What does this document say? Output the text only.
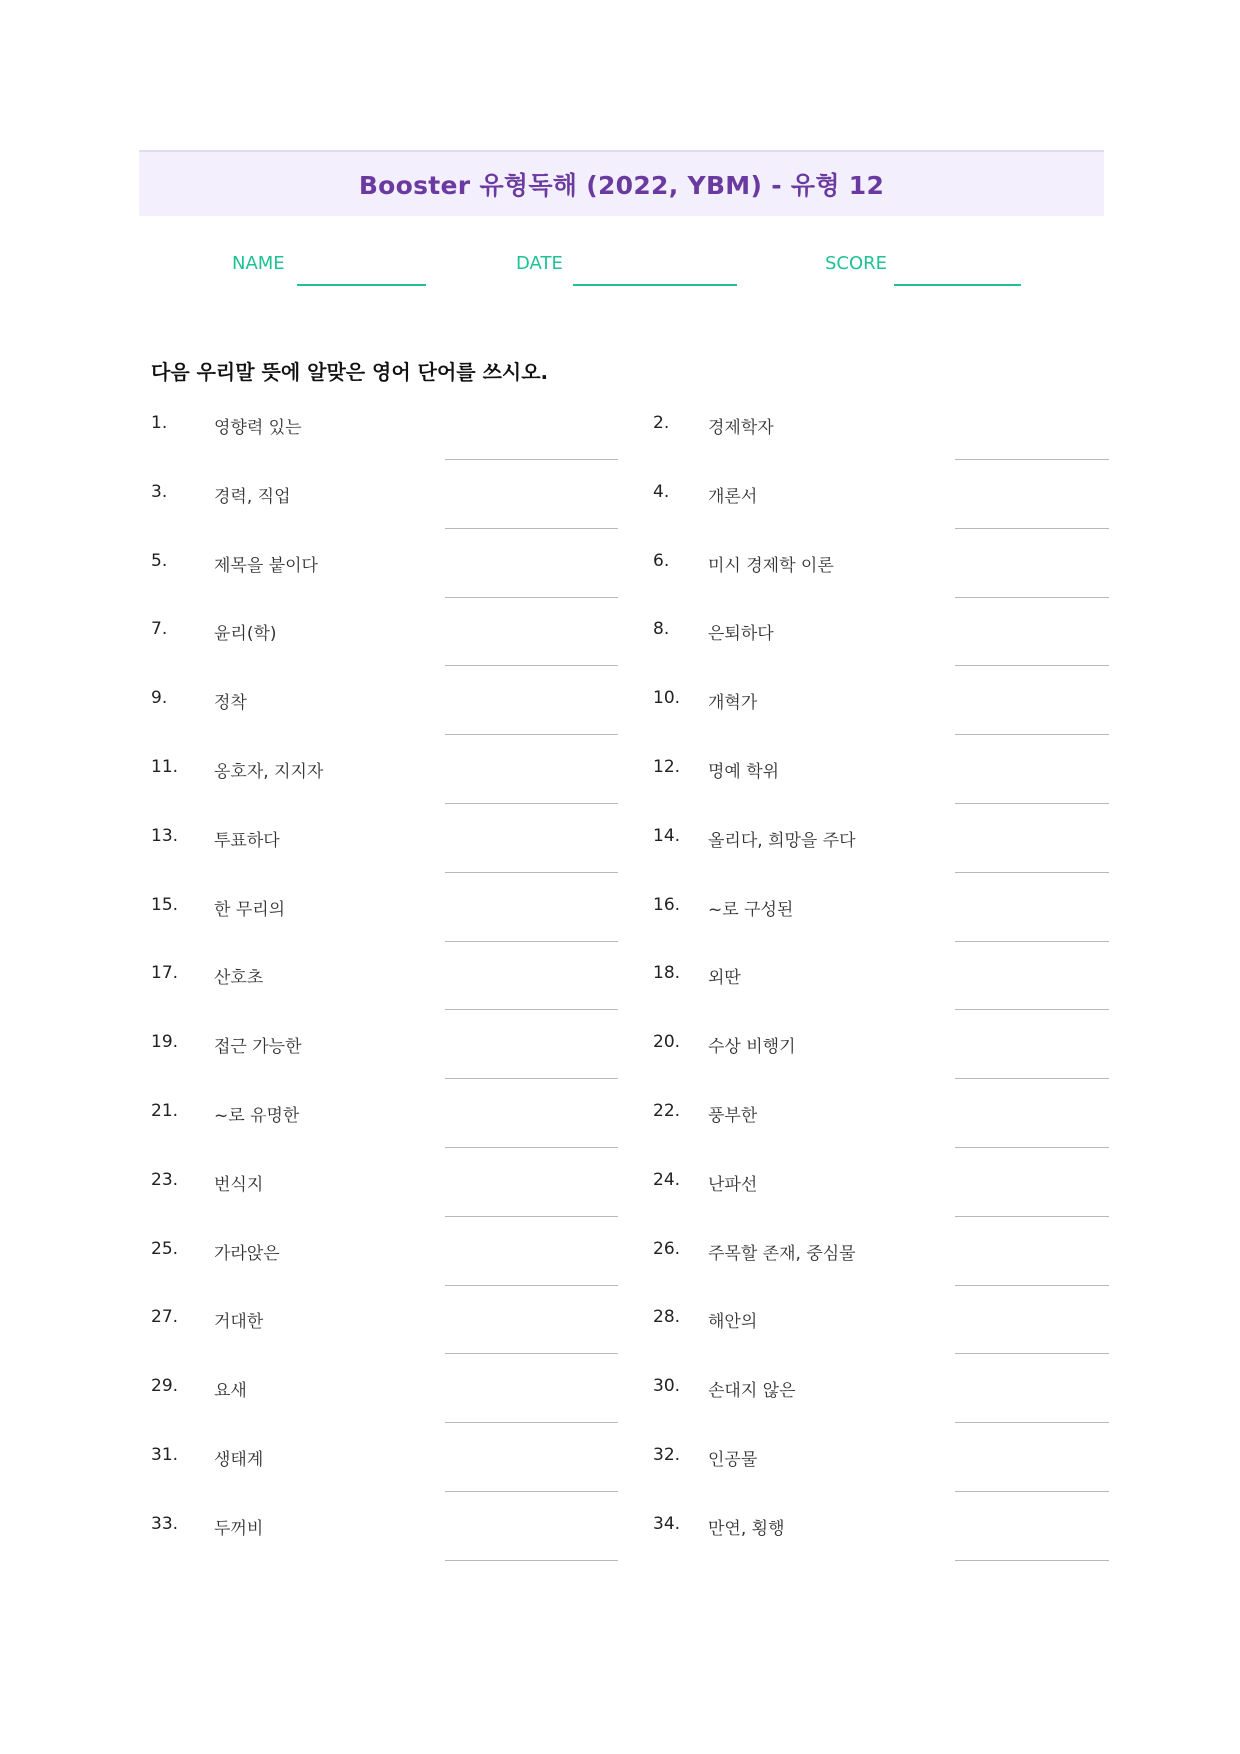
Booster 유형독해 (2022, YBM) - 유형 12
NAME	DATE	SCORE
다음 우리말 뜻에 알맞은 영어 단어를 쓰시오.
1.	영향력 있는	2. 경제학자
3.	경력, 직업	4. 개론서
5.	제목을 붙이다	6. 미시 경제학 이론
7.	윤리(학)	8. 은퇴하다
9.	정착	10. 개혁가
11. 옹호자, 지지자	12. 명예 학위
13. 투표하다	14. 올리다, 희망을 주다
15. 한 무리의	16. ~로 구성된
17. 산호초	18. 외딴
19. 접근 가능한	20. 수상 비행기
21. ~로 유명한	22. 풍부한
23. 번식지	24. 난파선
25. 가라앉은	26. 주목할 존재, 중심물
27. 거대한	28. 해안의
29. 요새	30. 손대지 않은
31. 생태계	32. 인공물
33. 두꺼비	34. 만연, 횡행
